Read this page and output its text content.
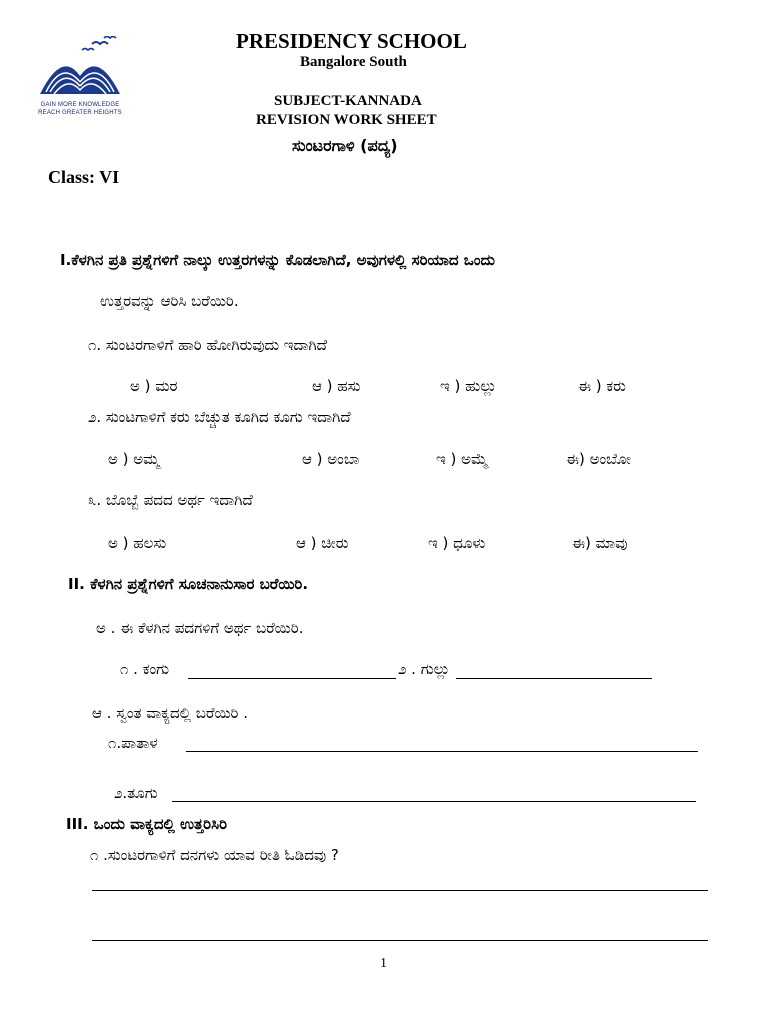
GAIN MORE KNOWLEDGE
REACH GREATER HEIGHTS
PRESIDENCY SCHOOL
Bangalore South
SUBJECT-KANNADA
REVISION WORK SHEET
ಸುಂಟರಗಾಳಿ (ಪದ್ಯ)
Class: VI
I.ಕೆಳಗಿನ ಪ್ರತಿ ಪ್ರಶ್ನೆಗಳಿಗೆ ನಾಲ್ಕು ಉತ್ತರಗಳನ್ನು ಕೊಡಲಾಗಿದೆ, ಅವುಗಳಲ್ಲಿ ಸರಿಯಾದ ಒಂದು
ಉತ್ತರವನ್ನು ಆರಿಸಿ ಬರೆಯಿರಿ.
೧. ಸುಂಟರಗಾಳಿಗೆ ಹಾರಿ ಹೋಗಿರುವುದು ಇದಾಗಿದೆ
ಅ ) ಮರ	ಆ ) ಹಸು	ಇ ) ಹುಲ್ಲು	ಈ ) ಕರು
೨. ಸುಂಟಗಾಳಿಗೆ ಕರು ಬೆಚ್ಚುತ ಕೂಗಿದ ಕೂಗು ಇದಾಗಿದೆ
ಅ ) ಅಮ್ಮ	ಆ ) ಅಂಬಾ	ಇ ) ಅಮ್ಮೆ	ಈ) ಅಂಬೋ
೩. ಬೊಬ್ಬೆ ಪದದ ಅರ್ಥ ಇದಾಗಿದೆ
ಅ ) ಹಲಸು	ಆ ) ಚೀರು	ಇ ) ಧೂಳು	ಈ) ಮಾವು
II. ಕೆಳಗಿನ ಪ್ರಶ್ನೆಗಳಿಗೆ ಸೂಚನಾನುಸಾರ ಬರೆಯಿರಿ.
ಅ . ಈ ಕೆಳಗಿನ ಪದಗಳಿಗೆ ಅರ್ಥ ಬರೆಯಿರಿ.
೧ . ಕಂಗು	೨ . ಗುಲ್ಲು
ಆ . ಸ್ವಂತ ವಾಕ್ಯದಲ್ಲಿ ಬರೆಯಿರಿ .
೧.ಪಾತಾಳ
೨.ತೂಗು
III. ಒಂದು ವಾಕ್ಯದಲ್ಲಿ ಉತ್ತರಿಸಿರಿ
೧ .ಸುಂಟರಗಾಳಿಗೆ ದನಗಳು ಯಾವ ರೀತಿ ಓಡಿದವು ?
1
